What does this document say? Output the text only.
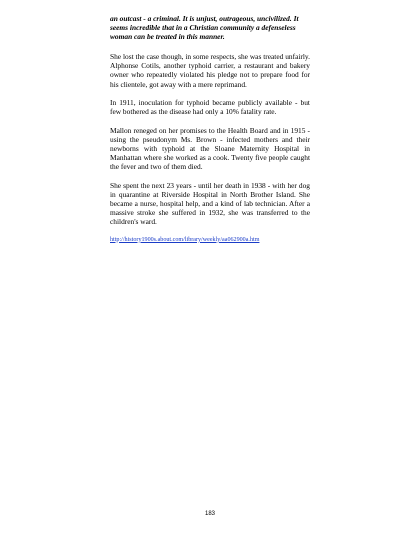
an outcast - a criminal. It is unjust, outrageous, uncivilized. It seems incredible that in a Christian community a defenseless woman can be treated in this manner.

She lost the case though, in some respects, she was treated unfairly. Alphonse Cotils, another typhoid carrier, a restaurant and bakery owner who repeatedly violated his pledge not to prepare food for his clientele, got away with a mere reprimand.

In 1911, inoculation for typhoid became publicly available - but few bothered as the disease had only a 10% fatality rate.

Mallon reneged on her promises to the Health Board and in 1915 - using the pseudonym Ms. Brown - infected mothers and their newborns with typhoid at the Sloane Maternity Hospital in Manhattan where she worked as a cook. Twenty five people caught the fever and two of them died.

She spent the next 23 years - until her death in 1938 - with her dog in quarantine at Riverside Hospital in North Brother Island. She became a nurse, hospital help, and a kind of lab technician. After a massive stroke she suffered in 1932, she was transferred to the children's ward.

http://history1900s.about.com/library/weekly/aa062900a.htm
183
